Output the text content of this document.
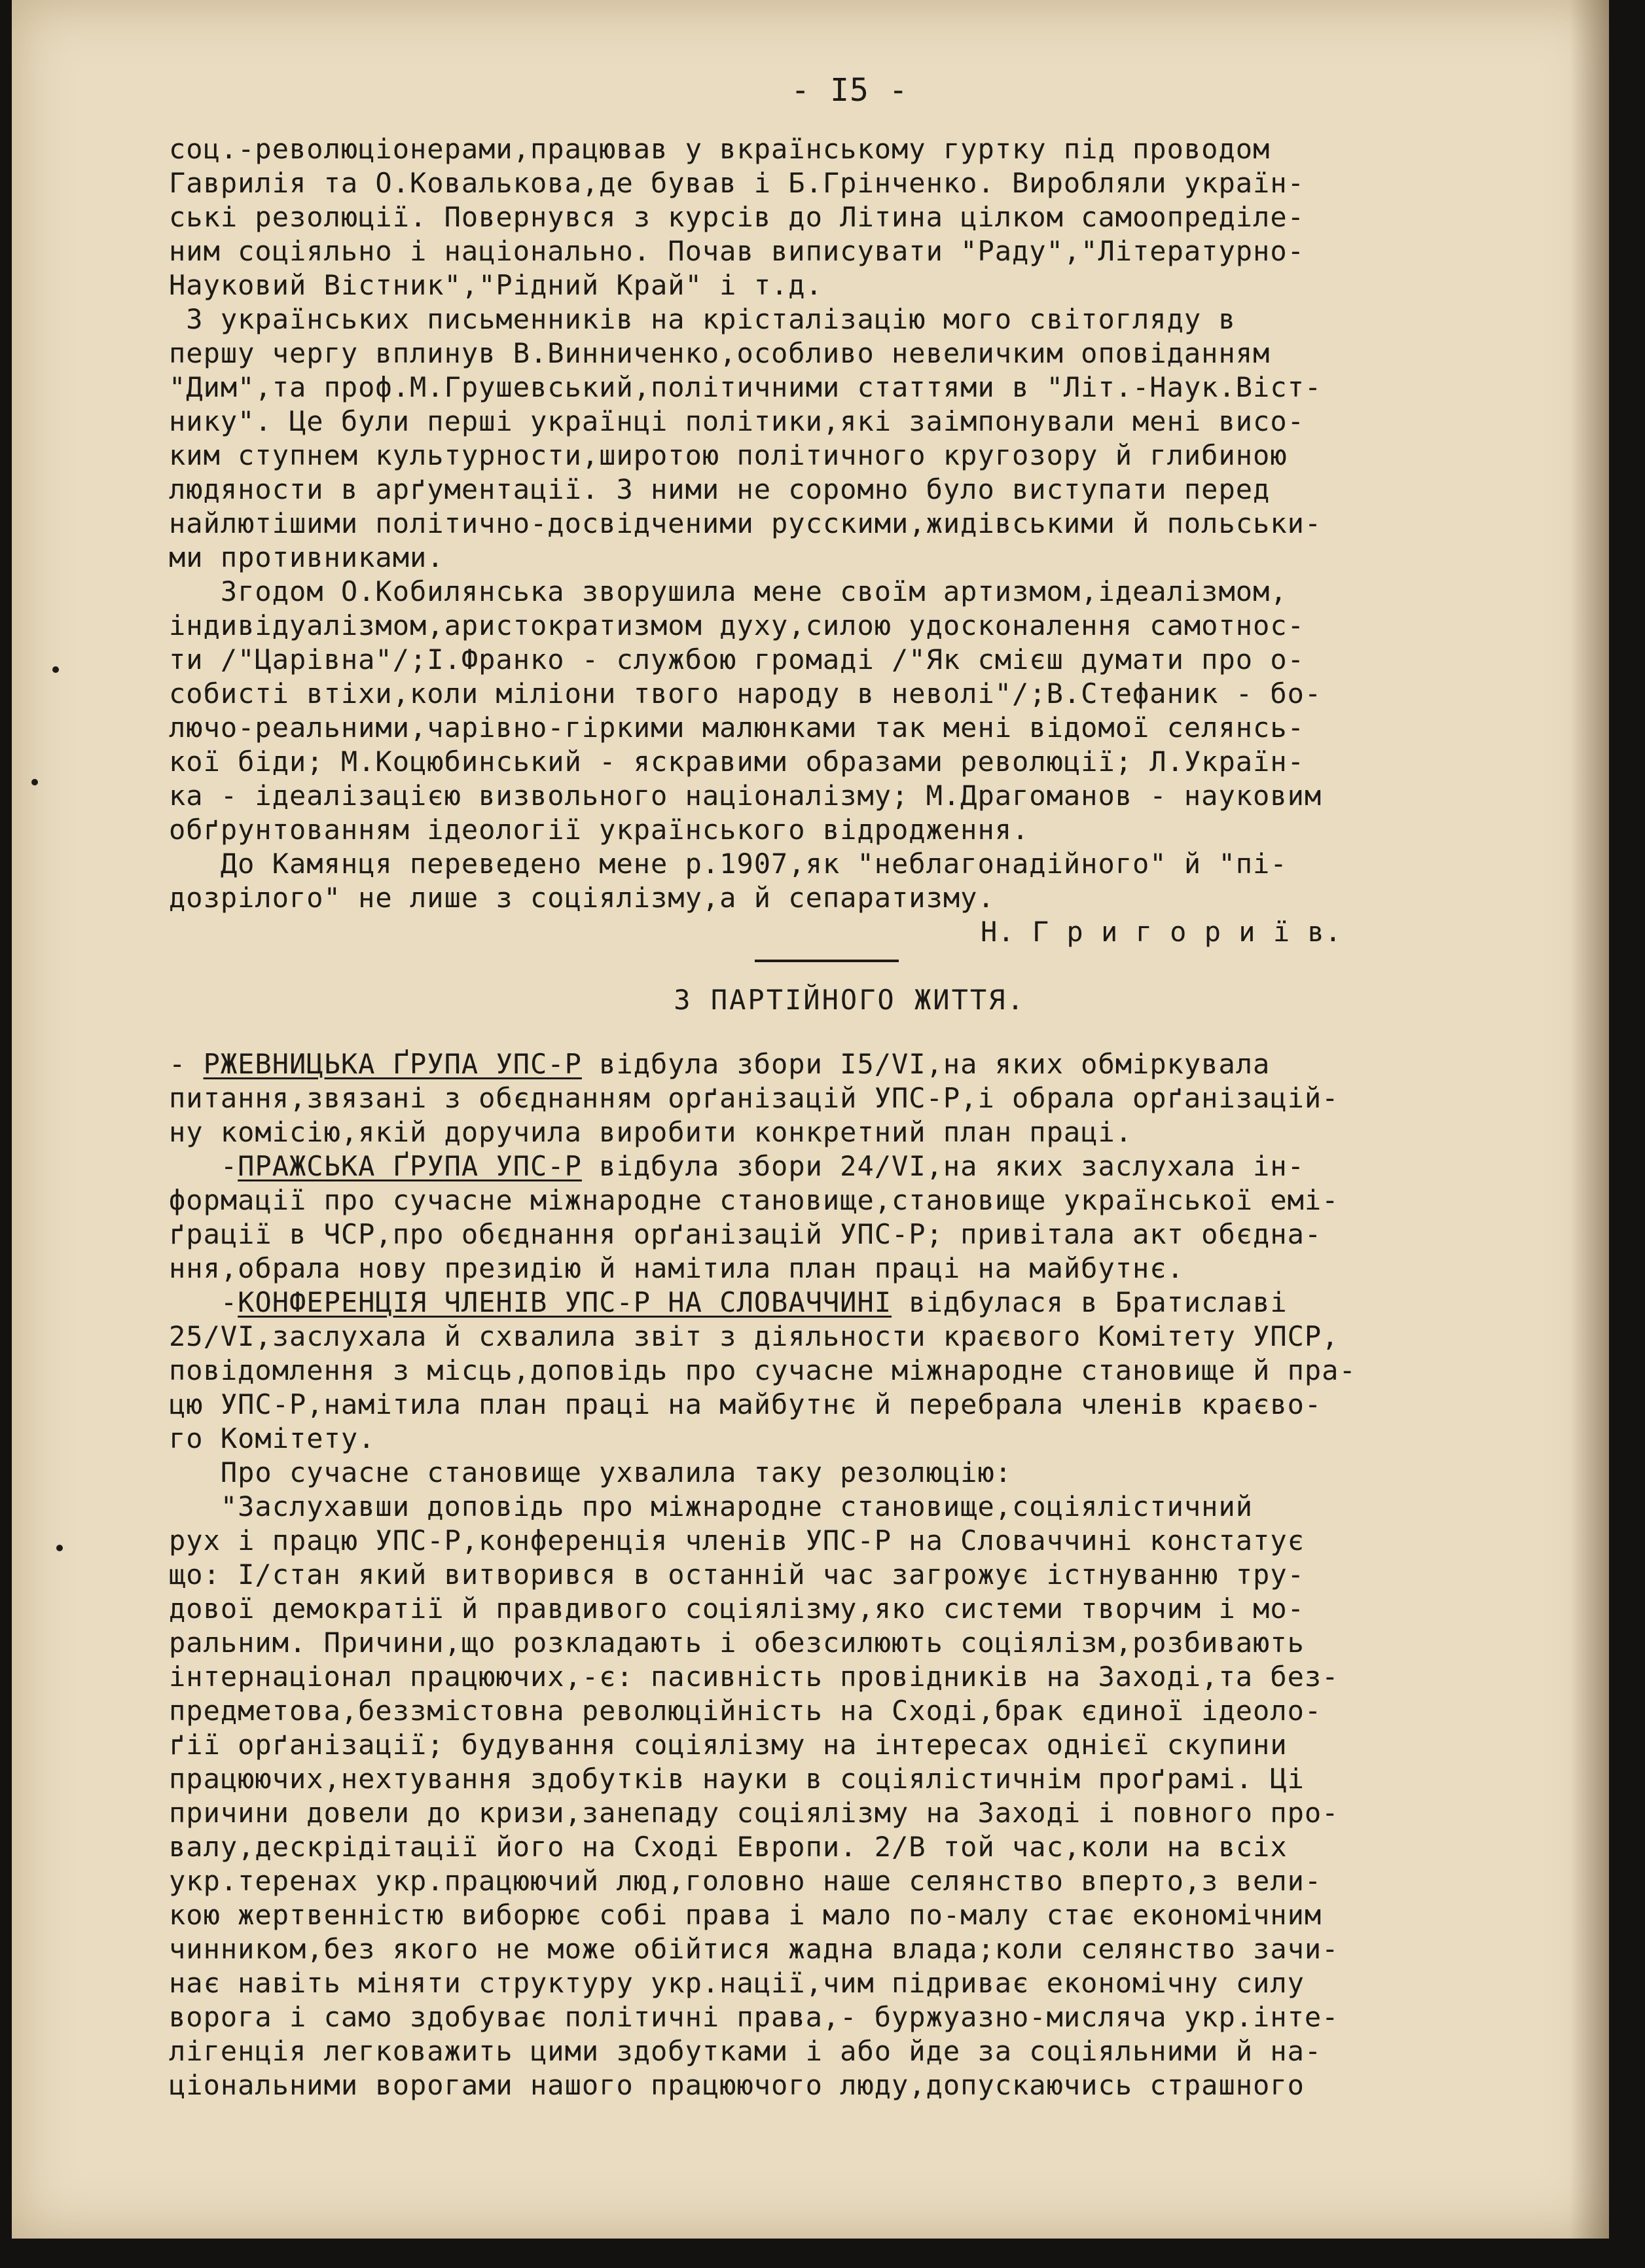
- I5 -
соц.-революціонерами,працював у вкраїнському гуртку під проводом
Гаврилія та О.Ковалькова,де бував і Б.Грінченко. Виробляли україн-
ські резолюції. Повернувся з курсів до Літина цілком самоопреділе-
ним соціяльно і національно. Почав виписувати "Раду","Літературно-
Науковий Вістник","Рідний Край" і т.д.
З українських письменників на крісталізацію мого світогляду в
першу чергу вплинув В.Винниченко,особливо невеличким оповіданням
"Дим",та проф.М.Грушевський,політичними статтями в "Літ.-Наук.Віст-
нику". Це були перші українці політики,які заімпонували мені висо-
ким ступнем культурности,широтою політичного кругозору й глибиною
людяности в арґументації. З ними не соромно було виступати перед
найлютішими політично-досвідченими русскими,жидівськими й польськи-
ми противниками.
Згодом О.Кобилянська зворушила мене своїм артизмом,ідеалізмом,
індивідуалізмом,аристократизмом духу,силою удосконалення самотнос-
ти /"Царівна"/;І.Франко - службою громаді /"Як смієш думати про о-
собисті втіхи,коли міліони твого народу в неволі"/;В.Стефаник - бо-
лючо-реальними,чарівно-гіркими малюнками так мені відомої селянсь-
кої біди; М.Коцюбинський - яскравими образами революції; Л.Україн-
ка - ідеалізацією визвольного націоналізму; М.Драгоманов - науковим
обґрунтованням ідеології українського відродження.
До Камянця переведено мене р.1907,як "неблагонадійного" й "пі-
дозрілого" не лише з соціялізму,а й сепаратизму.
Н. Г р и г о р и ї в.
З ПАРТІЙНОГО ЖИТТЯ.
- РЖЕВНИЦЬКА ҐРУПА УПС-Р відбула збори I5/VI,на яких обміркувала
питання,звязані з обєднанням орґанізацій УПС-Р,і обрала орґанізацій-
ну комісію,якій доручила виробити конкретний план праці.
-ПРАЖСЬКА ҐРУПА УПС-Р відбула збори 24/VI,на яких заслухала ін-
формації про сучасне міжнародне становище,становище української емі-
ґрації в ЧСР,про обєднання орґанізацій УПС-Р; привітала акт обєдна-
ння,обрала нову президію й намітила план праці на майбутнє.
-КОНФЕРЕНЦІЯ ЧЛЕНІВ УПС-Р НА СЛОВАЧЧИНІ відбулася в Братиславі
25/VI,заслухала й схвалила звіт з діяльности краєвого Комітету УПСР,
повідомлення з місць,доповідь про сучасне міжнародне становище й пра-
цю УПС-Р,намітила план праці на майбутнє й перебрала членів краєво-
го Комітету.
Про сучасне становище ухвалила таку резолюцію:
"Заслухавши доповідь про міжнародне становище,соціялістичний
рух і працю УПС-Р,конференція членів УПС-Р на Словаччині констатує
що: І/стан який витворився в останній час загрожує істнуванню тру-
дової демократії й правдивого соціялізму,яко системи творчим і мо-
ральним. Причини,що розкладають і обезсилюють соціялізм,розбивають
інтернаціонал працюючих,-є: пасивність провідників на Заході,та без-
предметова,беззмістовна революційність на Сході,брак єдиної ідеоло-
ґії орґанізації; будування соціялізму на інтересах однієї скупини
працюючих,нехтування здобутків науки в соціялістичнім проґрамі. Ці
причини довели до кризи,занепаду соціялізму на Заході і повного про-
валу,дескрідітації його на Сході Европи. 2/В той час,коли на всіх
укр.теренах укр.працюючий люд,головно наше селянство вперто,з вели-
кою жертвенністю виборює собі права і мало по-малу стає економічним
чинником,без якого не може обійтися жадна влада;коли селянство зачи-
нає навіть міняти структуру укр.нації,чим підриває економічну силу
ворога і само здобуває політичні права,- буржуазно-мисляча укр.інте-
лігенція легковажить цими здобутками і або йде за соціяльними й на-
ціональними ворогами нашого працюючого люду,допускаючись страшного
